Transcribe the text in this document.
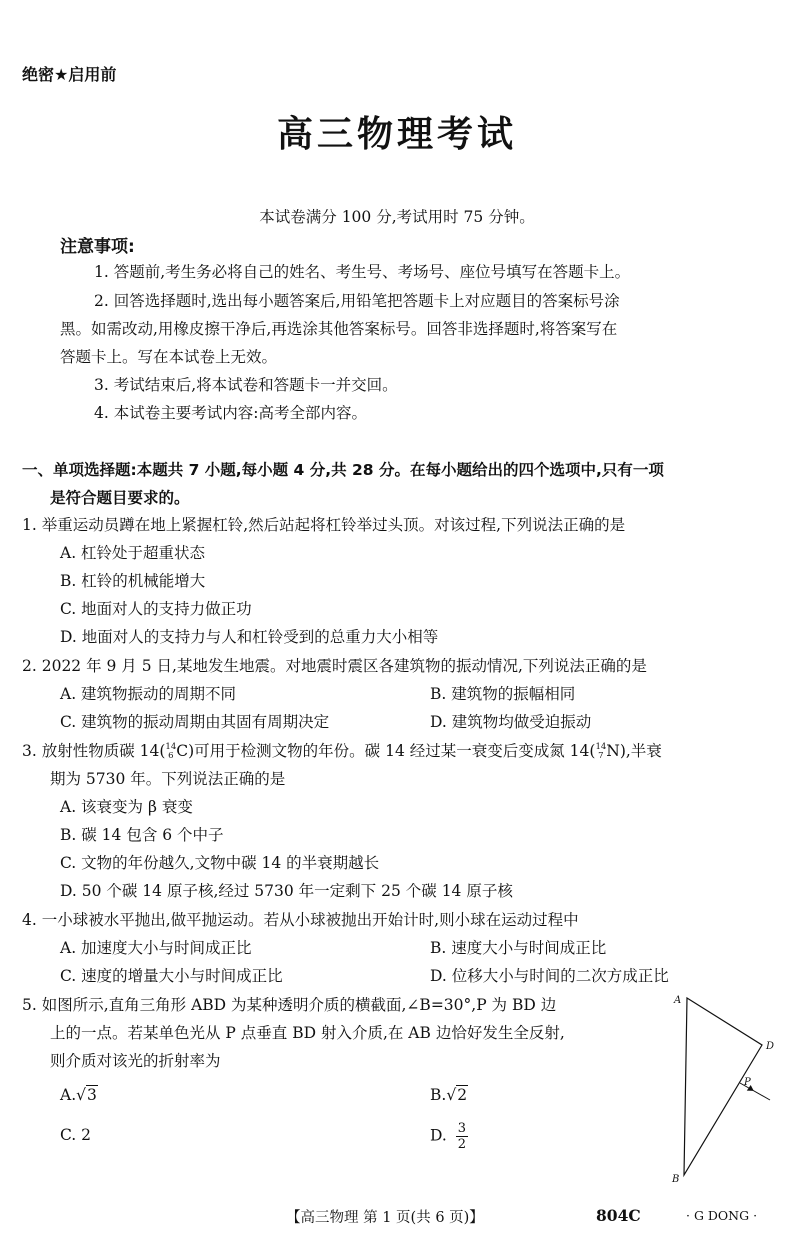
绝密★启用前
高三物理考试
本试卷满分 100 分,考试用时 75 分钟。
注意事项:
1. 答题前,考生务必将自己的姓名、考生号、考场号、座位号填写在答题卡上。
2. 回答选择题时,选出每小题答案后,用铅笔把答题卡上对应题目的答案标号涂
黑。如需改动,用橡皮擦干净后,再选涂其他答案标号。回答非选择题时,将答案写在
答题卡上。写在本试卷上无效。
3. 考试结束后,将本试卷和答题卡一并交回。
4. 本试卷主要考试内容:高考全部内容。
一、单项选择题:本题共 7 小题,每小题 4 分,共 28 分。在每小题给出的四个选项中,只有一项
是符合题目要求的。
1. 举重运动员蹲在地上紧握杠铃,然后站起将杠铃举过头顶。对该过程,下列说法正确的是
A. 杠铃处于超重状态
B. 杠铃的机械能增大
C. 地面对人的支持力做正功
D. 地面对人的支持力与人和杠铃受到的总重力大小相等
2. 2022 年 9 月 5 日,某地发生地震。对地震时震区各建筑物的振动情况,下列说法正确的是
A. 建筑物振动的周期不同	B. 建筑物的振幅相同
C. 建筑物的振动周期由其固有周期决定	D. 建筑物均做受迫振动
3. 放射性物质碳 14( 14
6 C)可用于检测文物的年份。碳 14 经过某一衰变后变成氮 14( 14
7 N),半衰
期为 5730 年。下列说法正确的是
A. 该衰变为 β 衰变
B. 碳 14 包含 6 个中子
C. 文物的年份越久,文物中碳 14 的半衰期越长
D. 50 个碳 14 原子核,经过 5730 年一定剩下 25 个碳 14 原子核
4. 一小球被水平抛出,做平抛运动。若从小球被抛出开始计时,则小球在运动过程中
A. 加速度大小与时间成正比	B. 速度大小与时间成正比
C. 速度的增量大小与时间成正比	D. 位移大小与时间的二次方成正比
5. 如图所示,直角三角形 ABD 为某种透明介质的横截面,∠B=30°,P 为 BD 边
上的一点。若某单色光从 P 点垂直 BD 射入介质,在 AB 边恰好发生全反射,
则介质对该光的折射率为
A.√3	B.√2
C. 2	D. $\frac{3}{2}$
A
D
B
P
【高三物理 第 1 页(共 6 页)】	804C	· G DONG ·
